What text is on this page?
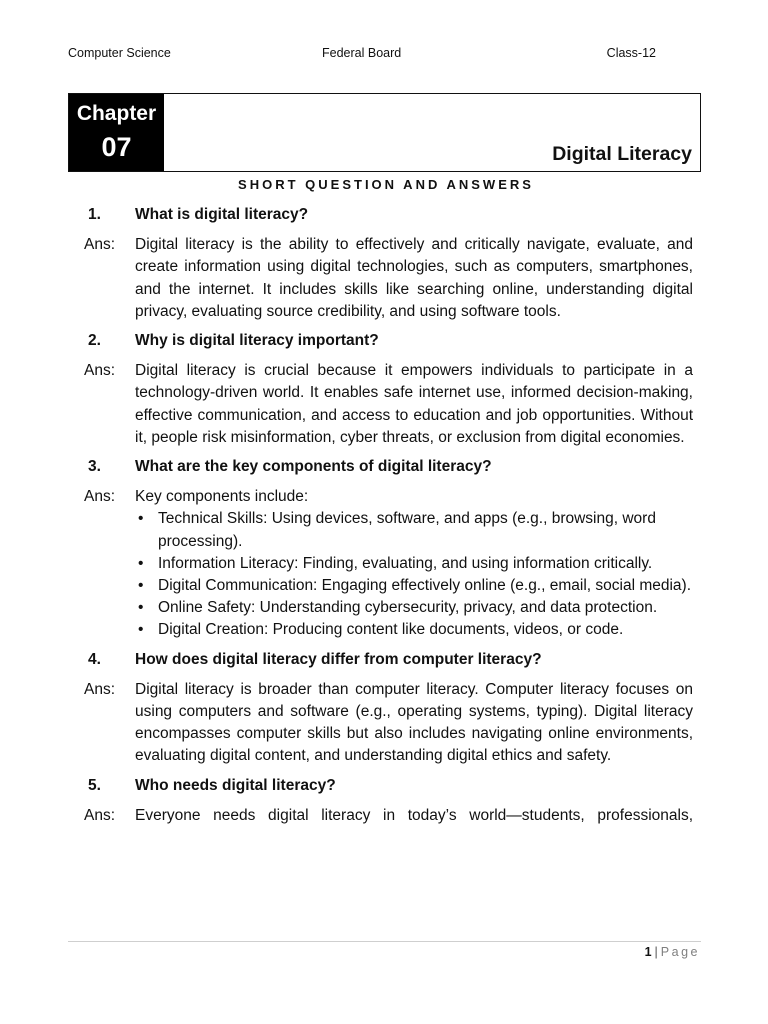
Computer Science	Federal Board	Class-12
Chapter
07	Digital Literacy
SHORT QUESTION AND ANSWERS
1.	What is digital literacy?
Ans:	Digital literacy is the ability to effectively and critically navigate, evaluate, and create information using digital technologies, such as computers, smartphones, and the internet. It includes skills like searching online, understanding digital privacy, evaluating source credibility, and using software tools.
2.	Why is digital literacy important?
Ans:	Digital literacy is crucial because it empowers individuals to participate in a technology-driven world. It enables safe internet use, informed decision-making, effective communication, and access to education and job opportunities. Without it, people risk misinformation, cyber threats, or exclusion from digital economies.
3.	What are the key components of digital literacy?
Ans:	Key components include:
• Technical Skills: Using devices, software, and apps (e.g., browsing, word processing).
• Information Literacy: Finding, evaluating, and using information critically.
• Digital Communication: Engaging effectively online (e.g., email, social media).
• Online Safety: Understanding cybersecurity, privacy, and data protection.
• Digital Creation: Producing content like documents, videos, or code.
4.	How does digital literacy differ from computer literacy?
Ans:	Digital literacy is broader than computer literacy. Computer literacy focuses on using computers and software (e.g., operating systems, typing). Digital literacy encompasses computer skills but also includes navigating online environments, evaluating digital content, and understanding digital ethics and safety.
5.	Who needs digital literacy?
Ans:	Everyone needs digital literacy in today’s world—students, professionals,
1 | Page
